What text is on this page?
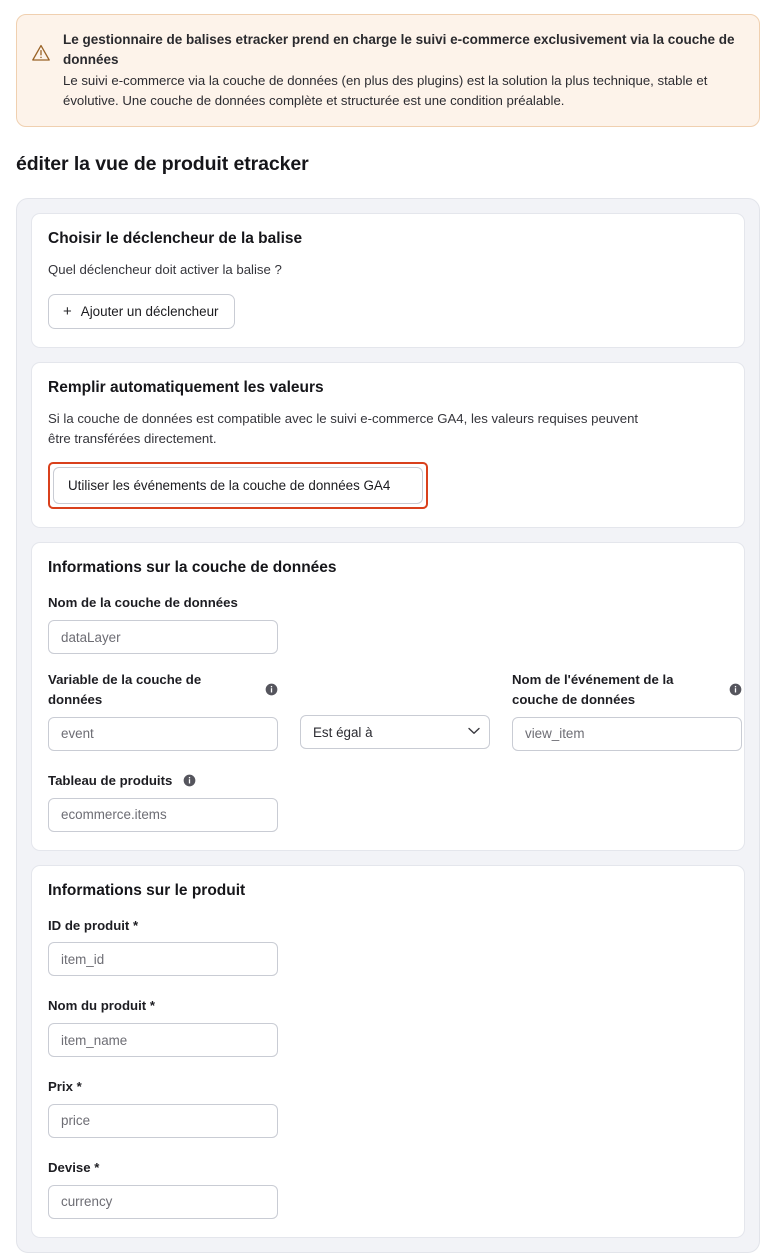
Le gestionnaire de balises etracker prend en charge le suivi e-commerce exclusivement via la couche de données

Le suivi e-commerce via la couche de données (en plus des plugins) est la solution la plus technique, stable et évolutive. Une couche de données complète et structurée est une condition préalable.

éditer la vue de produit etracker
Choisir le déclencheur de la balise

Quel déclencheur doit activer la balise ?

+ Ajouter un déclencheur
Remplir automatiquement les valeurs

Si la couche de données est compatible avec le suivi e-commerce GA4, les valeurs requises peuvent être transférées directement.

Utiliser les événements de la couche de données GA4
Informations sur la couche de données
Nom de la couche de données
dataLayer
Variable de la couche de données
event

Est égal à
Nom de l'événement de la couche de données
view_item
Tableau de produits
ecommerce.items
Informations sur le produit
ID de produit *
item_id
Nom du produit *
item_name
Prix *
price
Devise *
currency
